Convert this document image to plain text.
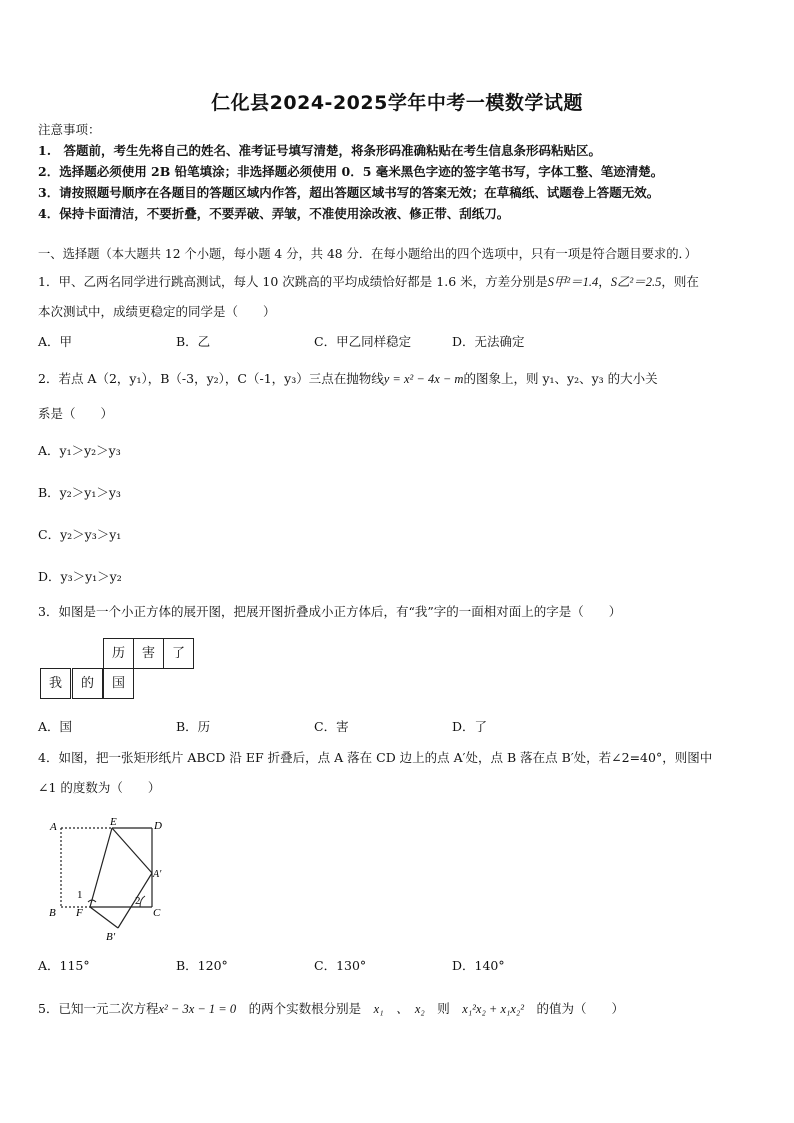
仁化县2024-2025学年中考一模数学试题
注意事项：
1.　答题前，考生先将自己的姓名、准考证号填写清楚，将条形码准确粘贴在考生信息条形码粘贴区。
2．选择题必须使用 2B 铅笔填涂；非选择题必须使用 0．5 毫米黑色字迹的签字笔书写，字体工整、笔迹清楚。
3．请按照题号顺序在各题目的答题区域内作答，超出答题区域书写的答案无效；在草稿纸、试题卷上答题无效。
4．保持卡面清洁，不要折叠，不要弄破、弄皱，不准使用涂改液、修正带、刮纸刀。
一、选择题（本大题共 12 个小题，每小题 4 分，共 48 分．在每小题给出的四个选项中，只有一项是符合题目要求的．）
1．甲、乙两名同学进行跳高测试，每人 10 次跳高的平均成绩恰好都是 1.6 米，方差分别是S甲²＝1.4，S乙²＝2.5，则在
本次测试中，成绩更稳定的同学是（　　）
A．甲	B．乙	C．甲乙同样稳定	D．无法确定
2．若点 A（2，y₁），B（-3，y₂），C（-1，y₃）三点在抛物线y = x² − 4x − m的图象上，则 y₁、y₂、y₃ 的大小关
系是（　　）
A．y₁＞y₂＞y₃
B．y₂＞y₁＞y₃
C．y₂＞y₃＞y₁
D．y₃＞y₁＞y₂
3．如图是一个小正方体的展开图，把展开图折叠成小正方体后，有“我”字的一面相对面上的字是（　　）
历	害	了
我	的	国
A．国	B．历	C．害	D．了
4．如图，把一张矩形纸片 ABCD 沿 EF 折叠后，点 A 落在 CD 边上的点 A′处，点 B 落在点 B′处，若∠2=40°，则图中
∠1 的度数为（　　）
A	E	D
A′
1	2
B F	C
B′
A．115°	B．120°	C．130°	D．140°
5．已知一元二次方程x² − 3x − 1 = 0　 的两个实数根分别是　 x₁　、　x₂　 则　 x₁²x₂ + x₁x₂²　 的值为（　　）
